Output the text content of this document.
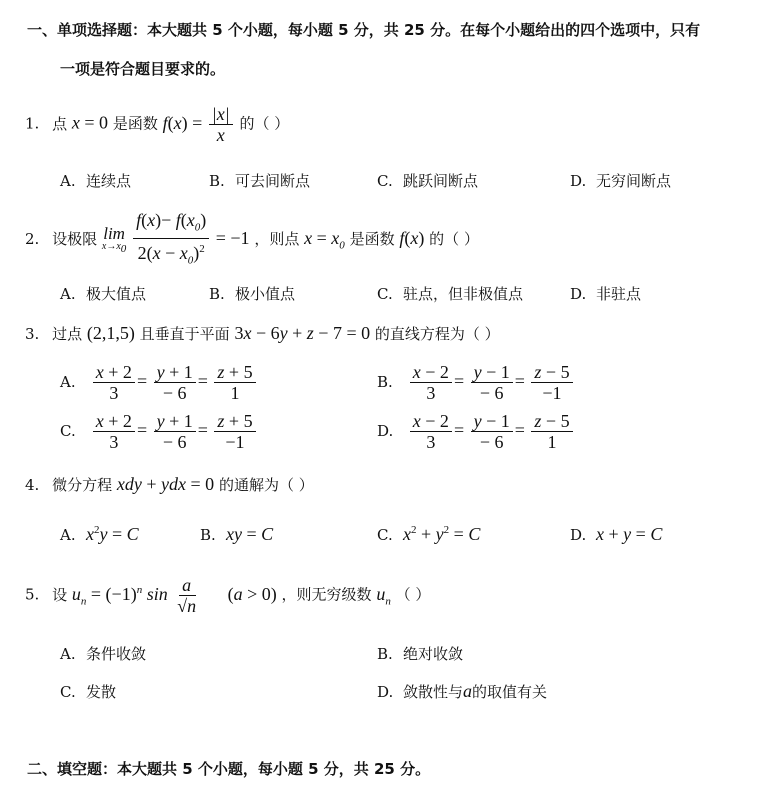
一、单项选择题：本大题共 5 个小题，每小题 5 分，共 25 分。在每个小题给出的四个选项中，只有
一项是符合题目要求的。
1. 点 x = 0 是函数 $f(x) = \frac{|x|}{x}$ 的（ ）
A. 连续点	B. 可去间断点	C. 跳跃间断点	D. 无穷间断点
2. 设极限 lim
$x\to x_0$
$\frac{f(x)- f(x_0)}{2(x - x_0)^2} = -1$ ，则点 $x = x_0$ 是函数 f(x) 的（ ）
A. 极大值点	B. 极小值点	C. 驻点，但非极值点	D. 非驻点
3. 过点 (2,1,5) 且垂直于平面 3x − 6y + z − 7 = 0 的直线方程为（ ）
A. $\frac{x + 2}{3} = \frac{y + 1}{- 6} = \frac{z + 5}{1}$	B. $\frac{x - 2}{3} = \frac{y - 1}{- 6} = \frac{z - 5}{-1}$
C. $\frac{x + 2}{3} = \frac{y + 1}{- 6} = \frac{z + 5}{-1}$	D. $\frac{x - 2}{3} = \frac{y - 1}{- 6} = \frac{z - 5}{1}$
4. 微分方程 xdy + ydx = 0 的通解为（ ）
A. $x^2y = C$	B. xy = C	C. $x^2 + y^2 = C$	D. x + y = C
5. 设 $u_n = (-1)^n$ $\sin \frac{a}{√n} (a > 0)$ ，则无穷级数 $u_n$ （ ）
A. 条件收敛	B. 绝对收敛
C. 发散	D. 敛散性与a的取值有关
二、填空题：本大题共 5 个小题，每小题 5 分，共 25 分。
